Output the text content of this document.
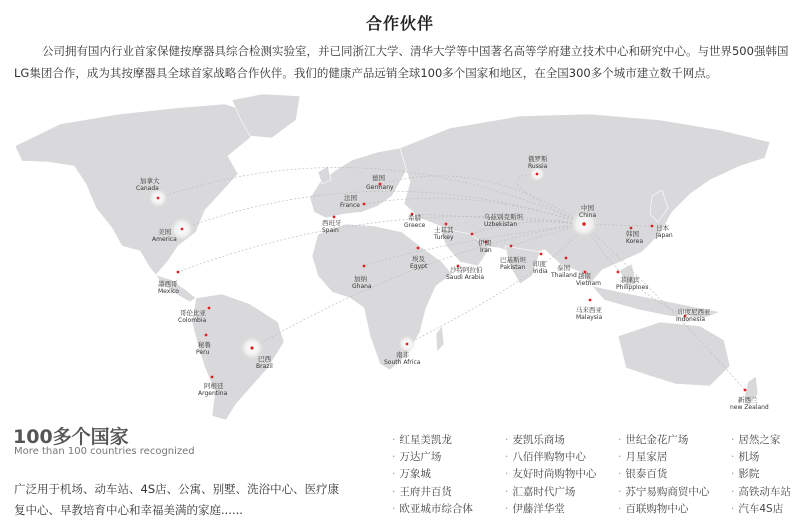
合作伙伴
公司拥有国内行业首家保健按摩器具综合检测实验室，并已同浙江大学、清华大学等中国著名高等学府建立技术中心和研究中心。与世界500强韩国LG集团合作，成为其按摩器具全球首家战略合作伙伴。我们的健康产品远销全球100多个国家和地区，在全国300多个城市建立数千网点。
加拿大
Canada
美国
America
墨西哥
Mexico
哥伦比亚
Colombia
秘鲁
Peru
巴西
Brazil
阿根廷
Argentina
俄罗斯
Russia
德国
Germany
法国
France
西班牙
Spain
希腊
Greece
土耳其
Turkey
乌兹别克斯坦
Uzbekistan
伊朗
Iran
巴基斯坦
Pakistan 印度
India
埃及
Egypt	沙特阿拉伯
Saudi Arabia
加纳
Ghana
南非
South Africa
中国
China
韩国
Korea
日本
Japan
泰国
Thailand 越南
Vietnam	菲律宾
Philippines
马来西亚
Malaysia
印度尼西亚
Indonesia
新西兰
new Zealand
100多个国家
More than 100 countries recognized
广泛用于机场、动车站、4S店、公寓、别墅、洗浴中心、医疗康复中心、早教培育中心和幸福美满的家庭......
· 红星美凯龙
· 万达广场
· 万象城
· 王府井百货
· 欧亚城市综合体
· 麦凯乐商场
· 八佰伴购物中心
· 友好时尚购物中心
· 汇嘉时代广场
· 伊藤洋华堂
· 世纪金花广场
· 月星家居
· 银泰百货
· 苏宁易购商贸中心
· 百联购物中心
· 居然之家
· 机场
· 影院
· 高铁动车站
· 汽车4S店
